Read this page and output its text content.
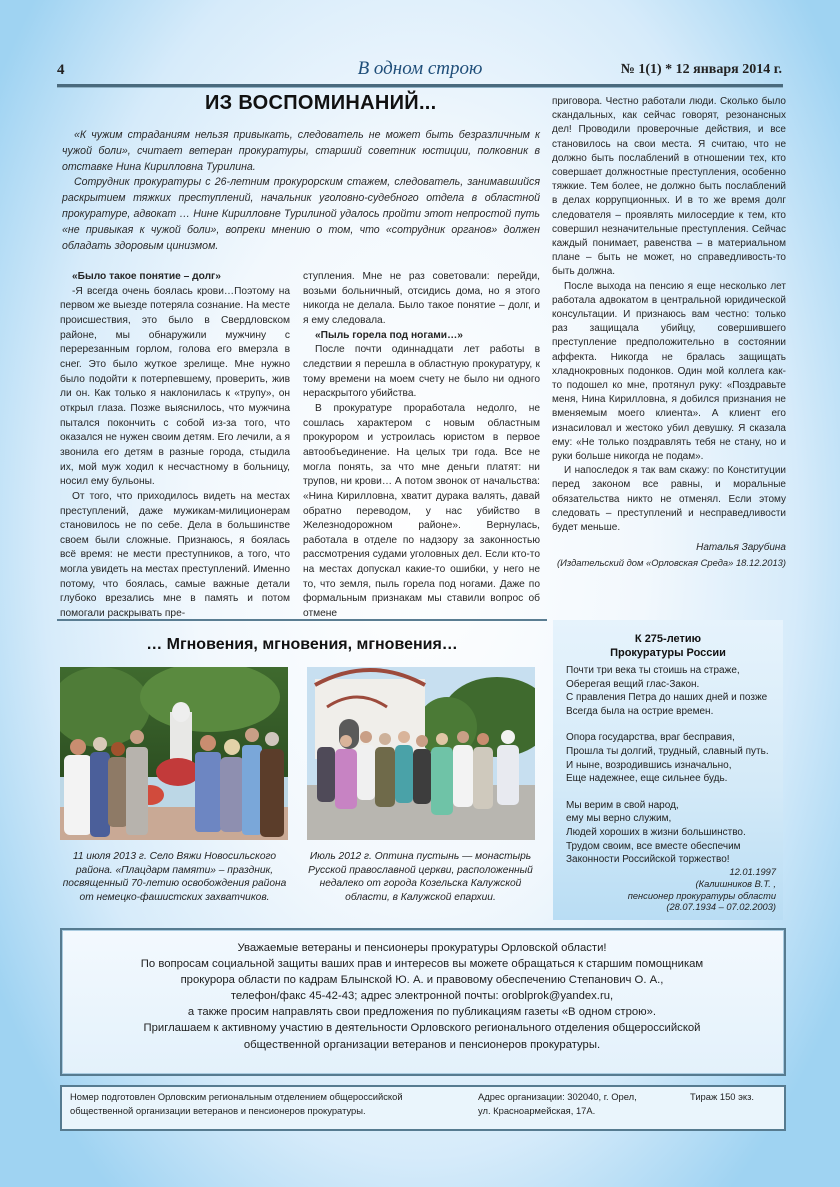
4	В одном строю	№ 1(1) * 12 января 2014 г.
ИЗ ВОСПОМИНАНИЙ...

«К чужим страданиям нельзя привыкать, следователь не может быть безразличным к чужой боли», считает ветеран прокуратуры, старший советник юстиции, полковник в отставке Нина Кирилловна Турилина.

Сотрудник прокуратуры с 26-летним прокурорским стажем, следователь, занимавшийся раскрытием тяжких преступлений, начальник уголовно-судебного отдела в областной прокуратуре, адвокат … Нине Кирилловне Турилиной удалось пройти этот непростой путь «не привыкая к чужой боли», вопреки мнению о том, что «сотрудник органов» должен обладать здоровым цинизмом.

«Было такое понятие – долг»

-Я всегда очень боялась крови…Поэтому на первом же выезде потеряла сознание. На месте происшествия, это было в Свердловском районе, мы обнаружили мужчину с перерезанным горлом, голова его вмерзла в снег. Это было жуткое зрелище. Мне нужно было подойти к потерпевшему, проверить, жив ли он. Как только я наклонилась к «трупу», он открыл глаза. Позже выяснилось, что мужчина пытался покончить с собой из-за того, что оказался не нужен своим детям. Его лечили, а я звонила его детям в разные города, стыдила их, мой муж ходил к несчастному в больницу, носил ему бульоны.

От того, что приходилось видеть на местах преступлений, даже мужикам-милиционерам становилось не по себе. Дела в большинстве своем были сложные. Признаюсь, я боялась всё время: не мести преступников, а того, что могла увидеть на местах преступлений. Именно потому, что боялась, самые важные детали глубоко врезались мне в память и потом помогали раскрывать пре-

ступления. Мне не раз советовали: перейди, возьми больничный, отсидись дома, но я этого никогда не делала. Было такое понятие – долг, и я ему следовала.

«Пыль горела под ногами…»

После почти одиннадцати лет работы в следствии я перешла в областную прокуратуру, к тому времени на моем счету не было ни одного нераскрытого убийства.

В прокуратуре проработала недолго, не сошлась характером с новым областным прокурором и устроилась юристом в первое автообъединение. На целых три года. Все не могла понять, за что мне деньги платят: ни трупов, ни крови… А потом звонок от начальства: «Нина Кирилловна, хватит дурака валять, давай обратно переводом, у нас убийство в Железнодорожном районе». Вернулась, работала в отделе по надзору за законностью рассмотрения судами уголовных дел. Если кто-то на местах допускал какие-то ошибки, у него не то, что земля, пыль горела под ногами. Даже по формальным признакам мы ставили вопрос об отмене

… Мгновения, мгновения, мгновения…
11 июля 2013 г. Село Вяжи Новосильского района. «Плацдарм памяти» – праздник, посвященный 70-летию освобождения района от немецко-фашистских захватчиков.
Июль 2012 г. Оптина пустынь — монастырь Русской православной церкви, расположенный недалеко от города Козельска Калужской области, в Калужской епархии.
К 275-летию
Прокуратуры России
Почти три века ты стоишь на страже,
Оберегая вещий глас-Закон.
С правления Петра до наших дней и позже
Всегда была на острие времен.
Опора государства, враг бесправия,
Прошла ты долгий, трудный, славный путь.
И ныне, возродившись изначально,
Еще надежнее, еще сильнее будь.
Мы верим в свой народ,
ему мы верно служим,
Людей хороших в жизни большинство.
Трудом своим, все вместе обеспечим
Законности Российской торжество!
12.01.1997
(Калишников В.Т. ,
пенсионер прокуратуры области
(28.07.1934 – 07.02.2003)

приговора. Честно работали люди. Сколько было скандальных, как сейчас говорят, резонансных дел! Проводили проверочные действия, и все становилось на свои места. Я считаю, что не должно быть послаблений в отношении тех, кто совершает должностные преступления, особенно тяжкие. Тем более, не должно быть послаблений в делах коррупционных. И в то же время долг следователя – проявлять милосердие к тем, кто совершил незначительные преступления. Сейчас каждый понимает, равенства – в материальном плане – быть не может, но справедливость-то быть должна.

После выхода на пенсию я еще несколько лет работала адвокатом в центральной юридической консультации. И признаюсь вам честно: только раз защищала убийцу, совершившего преступление предположительно в состоянии аффекта. Никогда не бралась защищать хладнокровных подонков. Один мой коллега как-то подошел ко мне, протянул руку: «Поздравьте меня, Нина Кирилловна, я добился признания не вменяемым моего клиента». А клиент его изнасиловал и жестоко убил девушку. Я сказала ему: «Не только поздравлять тебя не стану, но и руки больше никогда не подам».

И напоследок я так вам скажу: по Конституции перед законом все равны, и моральные обязательства никто не отменял. Если этому следовать – преступлений и несправедливости будет меньше.

Наталья Зарубина
(Издательский дом «Орловская Среда» 18.12.2013)
Уважаемые ветераны и пенсионеры прокуратуры Орловской области!
По вопросам социальной защиты ваших прав и интересов вы можете обращаться к старшим помощникам
прокурора области по кадрам Блынской Ю. А. и правовому обеспечению Степанович О. А.,
телефон/факс 45-42-43; адрес электронной почты: oroblprok@yandex.ru,
а также просим направлять свои предложения по публикациям газеты «В одном строю».
Приглашаем к активному участию в деятельности Орловского регионального отделения общероссийской
общественной организации ветеранов и пенсионеров прокуратуры.
Номер подготовлен Орловским региональным отделением общероссийской
общественной организации ветеранов и пенсионеров прокуратуры.
Адрес организации: 302040, г. Орел,
ул. Красноармейская, 17А.
Тираж 150 экз.
